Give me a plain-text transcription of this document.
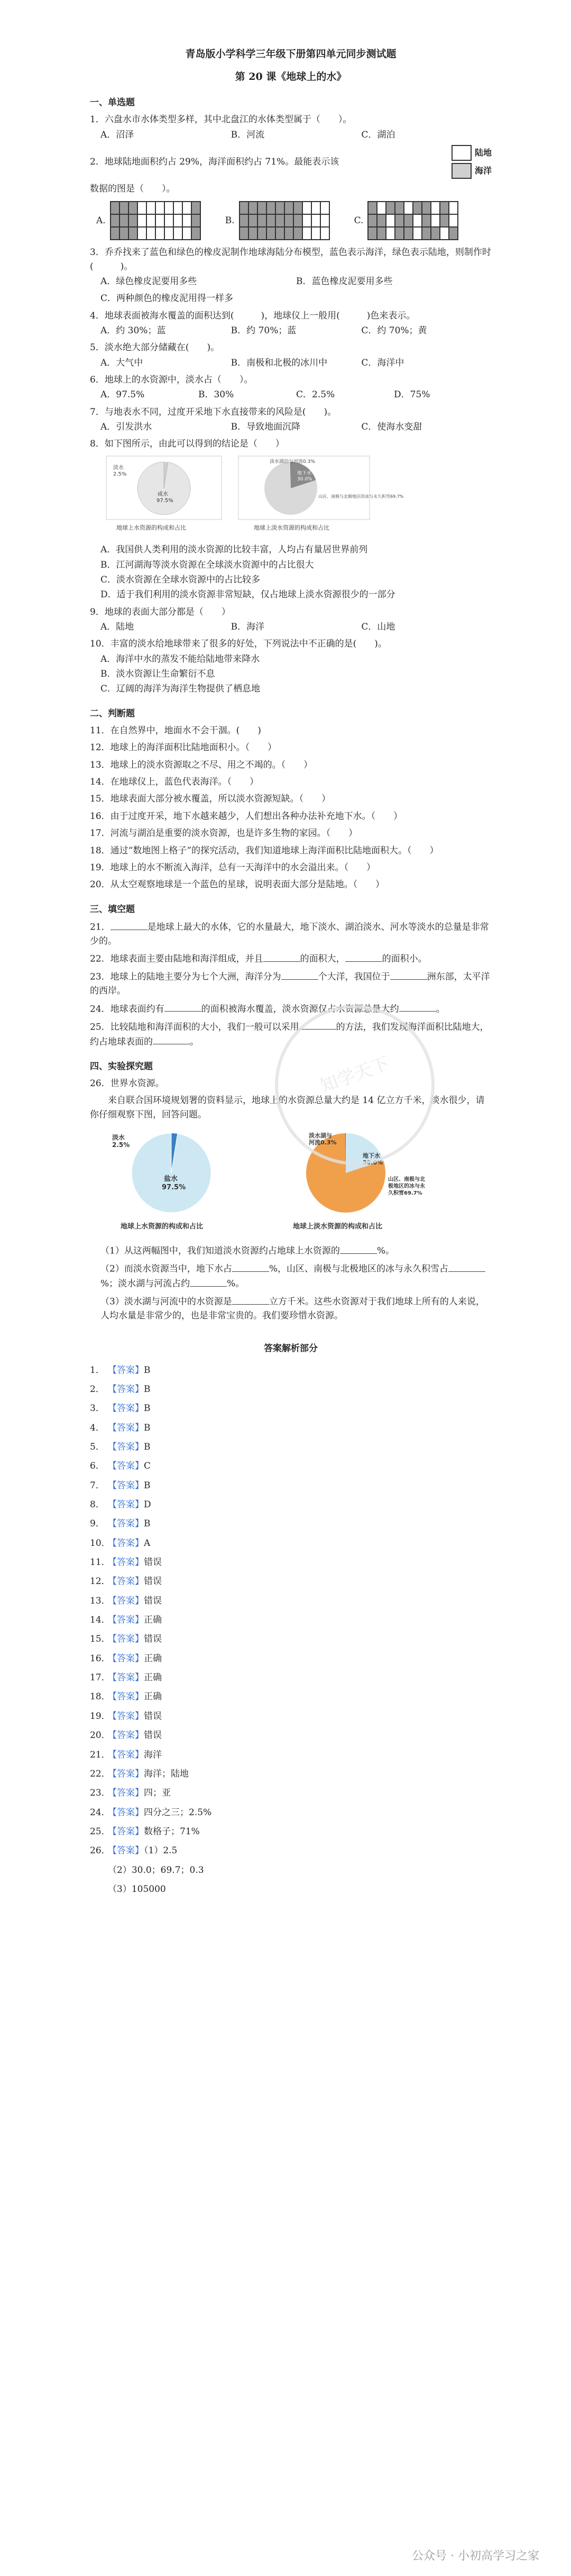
青岛版小学科学三年级下册第四单元同步测试题
第 20 课《地球上的水》
一、单选题
1．六盘水市水体类型多样，其中北盘江的水体类型属于（　　）。
A．沼泽	B．河流	C．湖泊
2．地球陆地面积约占 29%，海洋面积约占 71%。最能表示该
陆地
海洋
数据的图是（　　）。
A.	B.	C.
3．乔乔找来了蓝色和绿色的橡皮泥制作地球海陆分布模型，蓝色表示海洋，绿色表示陆地，则制作时(　　　)。
A．绿色橡皮泥要用多些	B．蓝色橡皮泥要用多些
C．两种颜色的橡皮泥用得一样多
4．地球表面被海水覆盖的面积达到(　　　)，地球仪上一般用(　　　)色来表示。
A．约 30%；蓝	B．约 70%；蓝	C．约 70%；黄
5．淡水绝大部分储藏在(　　)。
A．大气中	B．南极和北极的冰川中	C．海洋中
6．地球上的水资源中，淡水占（　　）。
A．97.5%	B．30%	C．2.5%	D．75%
7．与地表水不同，过度开采地下水直接带来的风险是(　　)。
A．引发洪水	B．导致地面沉降	C．使海水变甜
8．如下图所示，由此可以得到的结论是（　　）
淡水
2.5%
咸水
97.5%
地球上水资源的构成和占比
淡水湖泊与河流0.3%
地下水
30.0%
山区、南极与北极地区的冰与永久积雪69.7%
地球上淡水资源的构成和占比
A．我国供人类利用的淡水资源的比较丰富，人均占有量居世界前列
B．江河湖海等淡水资源在全球淡水资源中的占比很大
C．淡水资源在全球水资源中的占比较多
D．适于我们利用的淡水资源非常短缺，仅占地球上淡水资源很少的一部分
9．地球的表面大部分都是（　　）
A．陆地	B．海洋	C．山地
10．丰富的淡水给地球带来了很多的好处，下列说法中不正确的是(　　)。
A．海洋中水的蒸发不能给陆地带来降水
B．淡水资源让生命繁衍不息
C．辽阔的海洋为海洋生物提供了栖息地
二、判断题
11．在自然界中，地面水不会干涸。(　　)
12．地球上的海洋面积比陆地面积小。（　　）
13．地球上的淡水资源取之不尽、用之不竭的。（　　）
14．在地球仪上，蓝色代表海洋。（　　）
15．地球表面大部分被水覆盖，所以淡水资源短缺。（　　）
16．由于过度开采，地下水越来越少，人们想出各种办法补充地下水。（　　）
17．河流与湖泊是重要的淡水资源，也是许多生物的家园。（　　）
18．通过“数地图上格子”的探究活动，我们知道地球上海洋面积比陆地面积大。（　　）
19．地球上的水不断流入海洋，总有一天海洋中的水会溢出来。（　　）
20．从太空观察地球是一个蓝色的星球，说明表面大部分是陆地。（　　）
三、填空题
21．	是地球上最大的水体，它的水量最大，地下淡水、湖泊淡水、河水等淡水的总量是非常少的。
22．地球表面主要由陆地和海洋组成，并且	的面积大，	的面积小。
23．地球上的陆地主要分为七个大洲，海洋分为	个大洋，我国位于	洲东部，太平洋的西岸。
24．地球表面约有	的面积被海水覆盖，淡水资源仅占水资源总量大约	。
25．比较陆地和海洋面积的大小，我们一般可以采用	的方法，我们发现海洋面积比陆地大，约占地球表面的	。
四、实验探究题
26．世界水资源。
来自联合国环境规划署的资料显示，地球上的水资源总量大约是 14 亿立方千米，淡水很少，请你仔细观察下图，回答问题。
淡水
2.5%
盐水
97.5%
地球上水资源的构成和占比
淡水湖与
河流0.3%
地下水
30.0%
山区、南极与北
极地区的冰与永
久积雪69.7%
地球上淡水资源的构成和占比
（1）从这两幅图中，我们知道淡水资源约占地球上水资源的	%。
（2）而淡水资源当中，地下水占	%，山区、南极与北极地区的冰与永久积雪占%；淡水湖与河流占约	%。
（3）淡水湖与河流中的水资源是	立方千米。这些水资源对于我们地球上所有的人来说，人均水量是非常少的，也是非常宝贵的。我们要珍惜水资源。
答案解析部分
1． 【答案】B
2． 【答案】B
3． 【答案】B
4． 【答案】B
5． 【答案】B
6． 【答案】C
7． 【答案】B
8． 【答案】D
9． 【答案】B
10．【答案】A
11．【答案】错误
12．【答案】错误
13．【答案】错误
14．【答案】正确
15．【答案】错误
16．【答案】正确
17．【答案】正确
18．【答案】正确
19．【答案】错误
20．【答案】错误
21．【答案】海洋
22．【答案】海洋；陆地
23．【答案】四；亚
24．【答案】四分之三；2.5%
25．【答案】数格子；71%
26．【答案】（1）2.5
（2）30.0；69.7；0.3
（3）105000
知学天下
公众号 · 小初高学习之家
